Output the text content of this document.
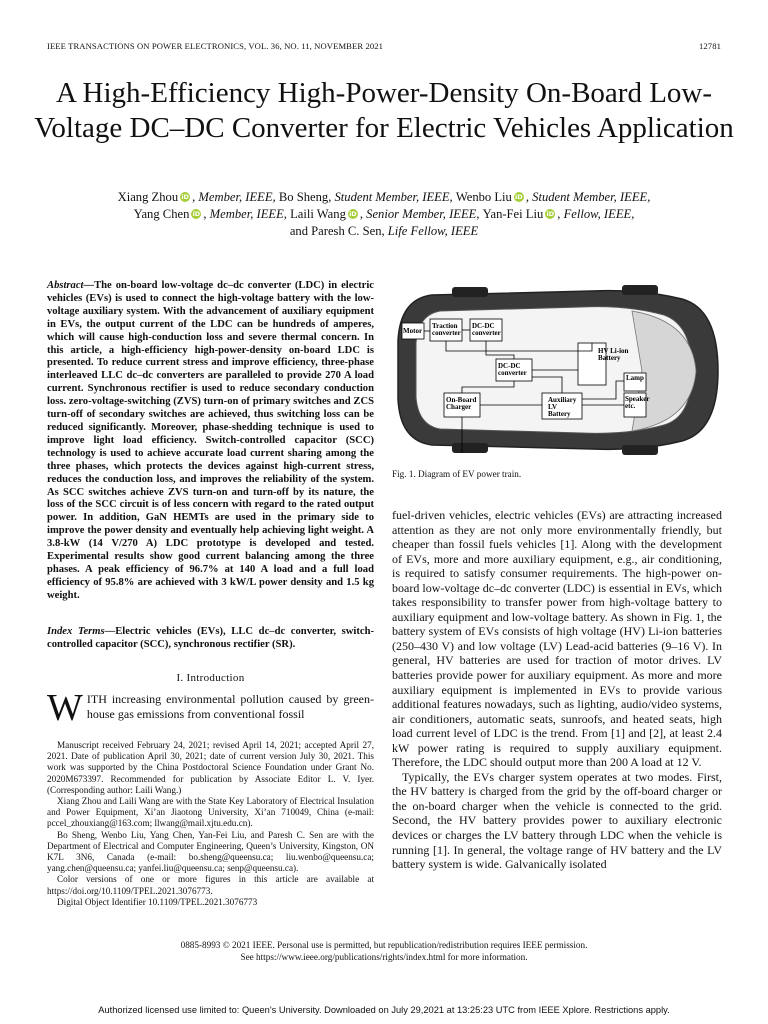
IEEE TRANSACTIONS ON POWER ELECTRONICS, VOL. 36, NO. 11, NOVEMBER 2021	12781
A High-Efficiency High-Power-Density On-Board Low-Voltage DC–DC Converter for Electric Vehicles Application
Xiang Zhou iD , Member, IEEE, Bo Sheng, Student Member, IEEE, Wenbo Liu iD , Student Member, IEEE,
Yang Chen iD , Member, IEEE, Laili Wang iD , Senior Member, IEEE, Yan-Fei Liu iD , Fellow, IEEE,
and Paresh C. Sen, Life Fellow, IEEE
Abstract—The on-board low-voltage dc–dc converter (LDC) in electric vehicles (EVs) is used to connect the high-voltage battery with the low-voltage auxiliary system. With the advancement of auxiliary equipment in EVs, the output current of the LDC can be hundreds of amperes, which will cause high-conduction loss and severe thermal concern. In this article, a high-efficiency high-power-density on-board LDC is presented. To reduce current stress and improve efficiency, three-phase interleaved LLC dc–dc converters are paralleled to provide 270 A load current. Synchronous rectifier is used to reduce secondary conduction loss. zero-voltage-switching (ZVS) turn-on of primary switches and ZCS turn-off of secondary switches are achieved, thus switching loss can be reduced significantly. Moreover, phase-shedding technique is used to improve light load efficiency. Switch-controlled capacitor (SCC) technology is used to achieve accurate load current sharing among the three phases, which protects the devices against high-current stress, reduces the conduction loss, and improves the reliability of the system. As SCC switches achieve ZVS turn-on and turn-off by its nature, the loss of the SCC circuit is of less concern with regard to the rated output power. In addition, GaN HEMTs are used in the primary side to improve the power density and eventually help achieving light weight. A 3.8-kW (14 V/270 A) LDC prototype is developed and tested. Experimental results show good current balancing among the three phases. A peak efficiency of 96.7% at 140 A load and a full load efficiency of 95.8% are achieved with 3 kW/L power density and 1.5 kg weight.
Index Terms—Electric vehicles (EVs), LLC dc–dc converter, switch-controlled capacitor (SCC), synchronous rectifier (SR).
I. Introduction
WITH increasing environmental pollution caused by green-house gas emissions from conventional fossil

Manuscript received February 24, 2021; revised April 14, 2021; accepted April 27, 2021. Date of publication April 30, 2021; date of current version July 30, 2021. This work was supported by the China Postdoctoral Science Foundation under Grant No. 2020M673397. Recommended for publication by Associate Editor L. V. Iyer. (Corresponding author: Laili Wang.)

Xiang Zhou and Laili Wang are with the State Key Laboratory of Electrical Insulation and Power Equipment, Xi’an Jiaotong University, Xi’an 710049, China (e-mail: pccel_zhouxiang@163.com; llwang@mail.xjtu.edu.cn).

Bo Sheng, Wenbo Liu, Yang Chen, Yan-Fei Liu, and Paresh C. Sen are with the Department of Electrical and Computer Engineering, Queen’s University, Kingston, ON K7L 3N6, Canada (e-mail: bo.sheng@queensu.ca; liu.wenbo@queensu.ca; yang.chen@queensu.ca; yanfei.liu@queensu.ca; senp@queensu.ca).

Color versions of one or more figures in this article are available at https://doi.org/10.1109/TPEL.2021.3076773.

Digital Object Identifier 10.1109/TPEL.2021.3076773

Motor
Traction converter
DC-DC converter
DC-DC converter
HV Li-ion Battery
On-Board Charger
Auxiliary LV Battery
Lamp
Speaker etc.
Fig. 1. Diagram of EV power train.

fuel-driven vehicles, electric vehicles (EVs) are attracting increased attention as they are not only more environmentally friendly, but cheaper than fossil fuels vehicles [1]. Along with the development of EVs, more and more auxiliary equipment, e.g., air conditioning, is required to satisfy consumer requirements. The high-power on-board low-voltage dc–dc converter (LDC) is essential in EVs, which takes responsibility to transfer power from high-voltage battery to auxiliary equipment and low-voltage battery. As shown in Fig. 1, the battery system of EVs consists of high voltage (HV) Li-ion batteries (250–430 V) and low voltage (LV) Lead-acid batteries (9–16 V). In general, HV batteries are used for traction of motor drives. LV batteries provide power for auxiliary equipment. As more and more auxiliary equipment is implemented in EVs to provide various additional features nowadays, such as lighting, audio/video systems, air conditioners, automatic seats, sunroofs, and heated seats, high load current level of LDC is the trend. From [1] and [2], at least 2.4 kW power rating is required to supply auxiliary equipment. Therefore, the LDC should output more than 200 A load at 12 V.

Typically, the EVs charger system operates at two modes. First, the HV battery is charged from the grid by the off-board charger or the on-board charger when the vehicle is connected to the grid. Second, the HV battery provides power to auxiliary electronic devices or charges the LV battery through LDC when the vehicle is running [1]. In general, the voltage range of HV battery and the LV battery system is wide. Galvanically isolated

0885-8993 © 2021 IEEE. Personal use is permitted, but republication/redistribution requires IEEE permission.
See https://www.ieee.org/publications/rights/index.html for more information.
Authorized licensed use limited to: Queen's University. Downloaded on July 29,2021 at 13:25:23 UTC from IEEE Xplore. Restrictions apply.
